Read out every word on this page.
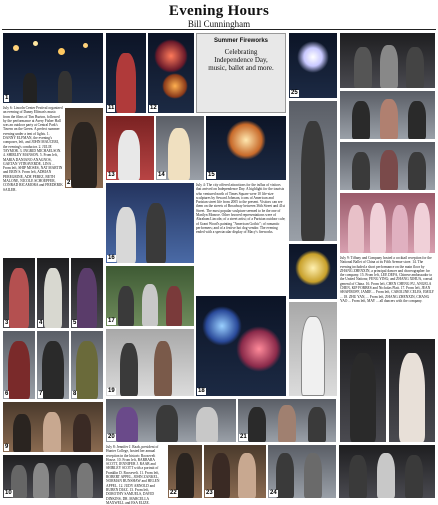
Evening Hours
Bill Cunningham
1
July 6: Lincoln Center Festival organized an evening of Danny Elfman's music from the films of Tim Burton, followed by the performance at Avery Fisher Hall was an outdoor party at Central Park's Tavern on the Green. A perfect summer evening under a tent of lights. 1. DANNY ELFMAN, the evening's composer, left, and JOHN MAUCERI, the evening's conductor. 2. JULIE TAYMOR. 3. INGRID MICHAELSON. 4. SHIRLEY MANSON. 5. From left, MARIA DANIANO ANAGNOS, GAETAN VITRAVERDE, LINA ... From left, SHIP MOSES, NAT MARTIN and ERIN S. From left, ADRIAN PEREGRINE, ADE PEREZ, BETH MALONE, NICOLE SCHOEPFER, CONRAD RICAMORA and FREDERIK SAILER.
2
3	4	5
6	7	8
9
10
11	12
Summer Fireworks
Celebrating Independence Day, music, ballet and more.
13	14	15
July 4: The city offered attractions for the influx of visitors that arrived on Independence Day. A highlight for the tourists who ventured north of Times Square were 10 life-size sculptures by Seward Johnson, icons of American and Parisian street life from 2005 to the present. Visitors can see them on the streets of Broadway between 36th Street and 41st Street. The most popular sculpture seemed to be the one of Marilyn Monroe. Other favored representations were of Abraham Lincoln; of a street artist; of a Parisian outdoor cafe; of Grant Wood's painting "American Gothic"; of romantic performers; and of a festive hot dog vendor. The evening ended with a spectacular display of Macy's fireworks.
16
17
18
19
20	21
July 8: Jennifer J. Raab, president of Hunter College, hosted her annual reception in the historic Roosevelt House. 10. From left, BARBARA SCOTT, JENNIFER J. RAAB and SHIRLEY SCOTT with a portrait of Franklin D. Roosevelt. 11. From left, ROBERT APPEL, JOHN ZANKEL, NORMAN BUNSHAW and HELEN APPEL. 12. JUDY ARNOLD and RUBEN DIAZ. 13. From left, DOROTHY SAMUELS, DAVID DINKINS, DR. MARCELLA MAXWELL and ESA ELIZE.
22	23	24
25
July 9: Tiffany and Company hosted a cocktail reception for the National Ballet of China at its Fifth Avenue store. 14. The evening included a short performance on the main floor by ZHANG ZHENXIN, a principal dancer and choreographer for the company. 15. From left, LEE DEFA, Chinese ambassador to the United Nations; FENG YING; and ZHANG XIHUA, consul general of China. 16. From left, CHEN CHENG FU, ANGELA CHEN, KIP FORBES and Nicholas Platt. 17. From left, JEAN SHAFIROFF, JAMIE ... From left, CAROLINE CELES, EMILY ... 18. ZHU YAN, ... From left, ZHANG ZHENXIN, CHANG YAO ... From left, MAY ... all dancers with the company.
